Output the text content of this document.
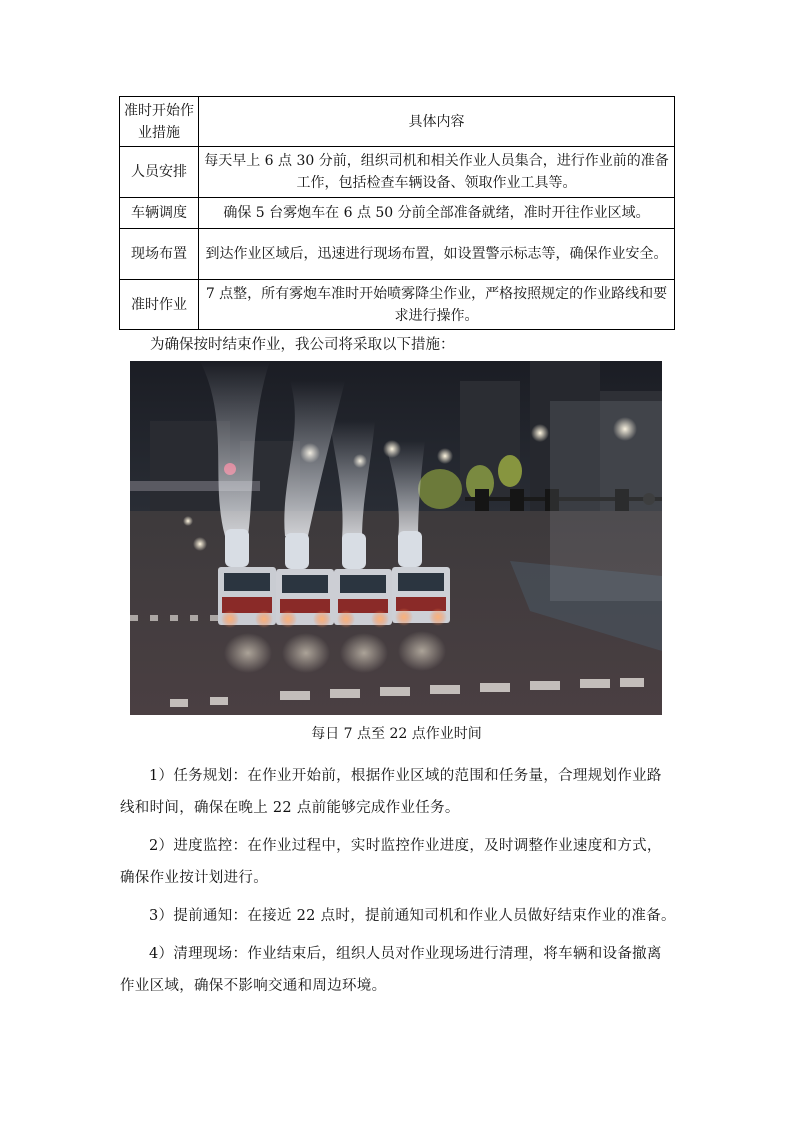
准时开始作业措施	具体内容
人员安排	每天早上 6 点 30 分前，组织司机和相关作业人员集合，进行作业前的准备工作，包括检查车辆设备、领取作业工具等。
车辆调度	确保 5 台雾炮车在 6 点 50 分前全部准备就绪，准时开往作业区域。
现场布置	到达作业区域后，迅速进行现场布置，如设置警示标志等，确保作业安全。
准时作业	7 点整，所有雾炮车准时开始喷雾降尘作业，严格按照规定的作业路线和要求进行操作。
为确保按时结束作业，我公司将采取以下措施：
每日 7 点至 22 点作业时间

1）任务规划：在作业开始前，根据作业区域的范围和任务量，合理规划作业路线和时间，确保在晚上 22 点前能够完成作业任务。

2）进度监控：在作业过程中，实时监控作业进度，及时调整作业速度和方式，确保作业按计划进行。

3）提前通知：在接近 22 点时，提前通知司机和作业人员做好结束作业的准备。

4）清理现场：作业结束后，组织人员对作业现场进行清理，将车辆和设备撤离作业区域，确保不影响交通和周边环境。
